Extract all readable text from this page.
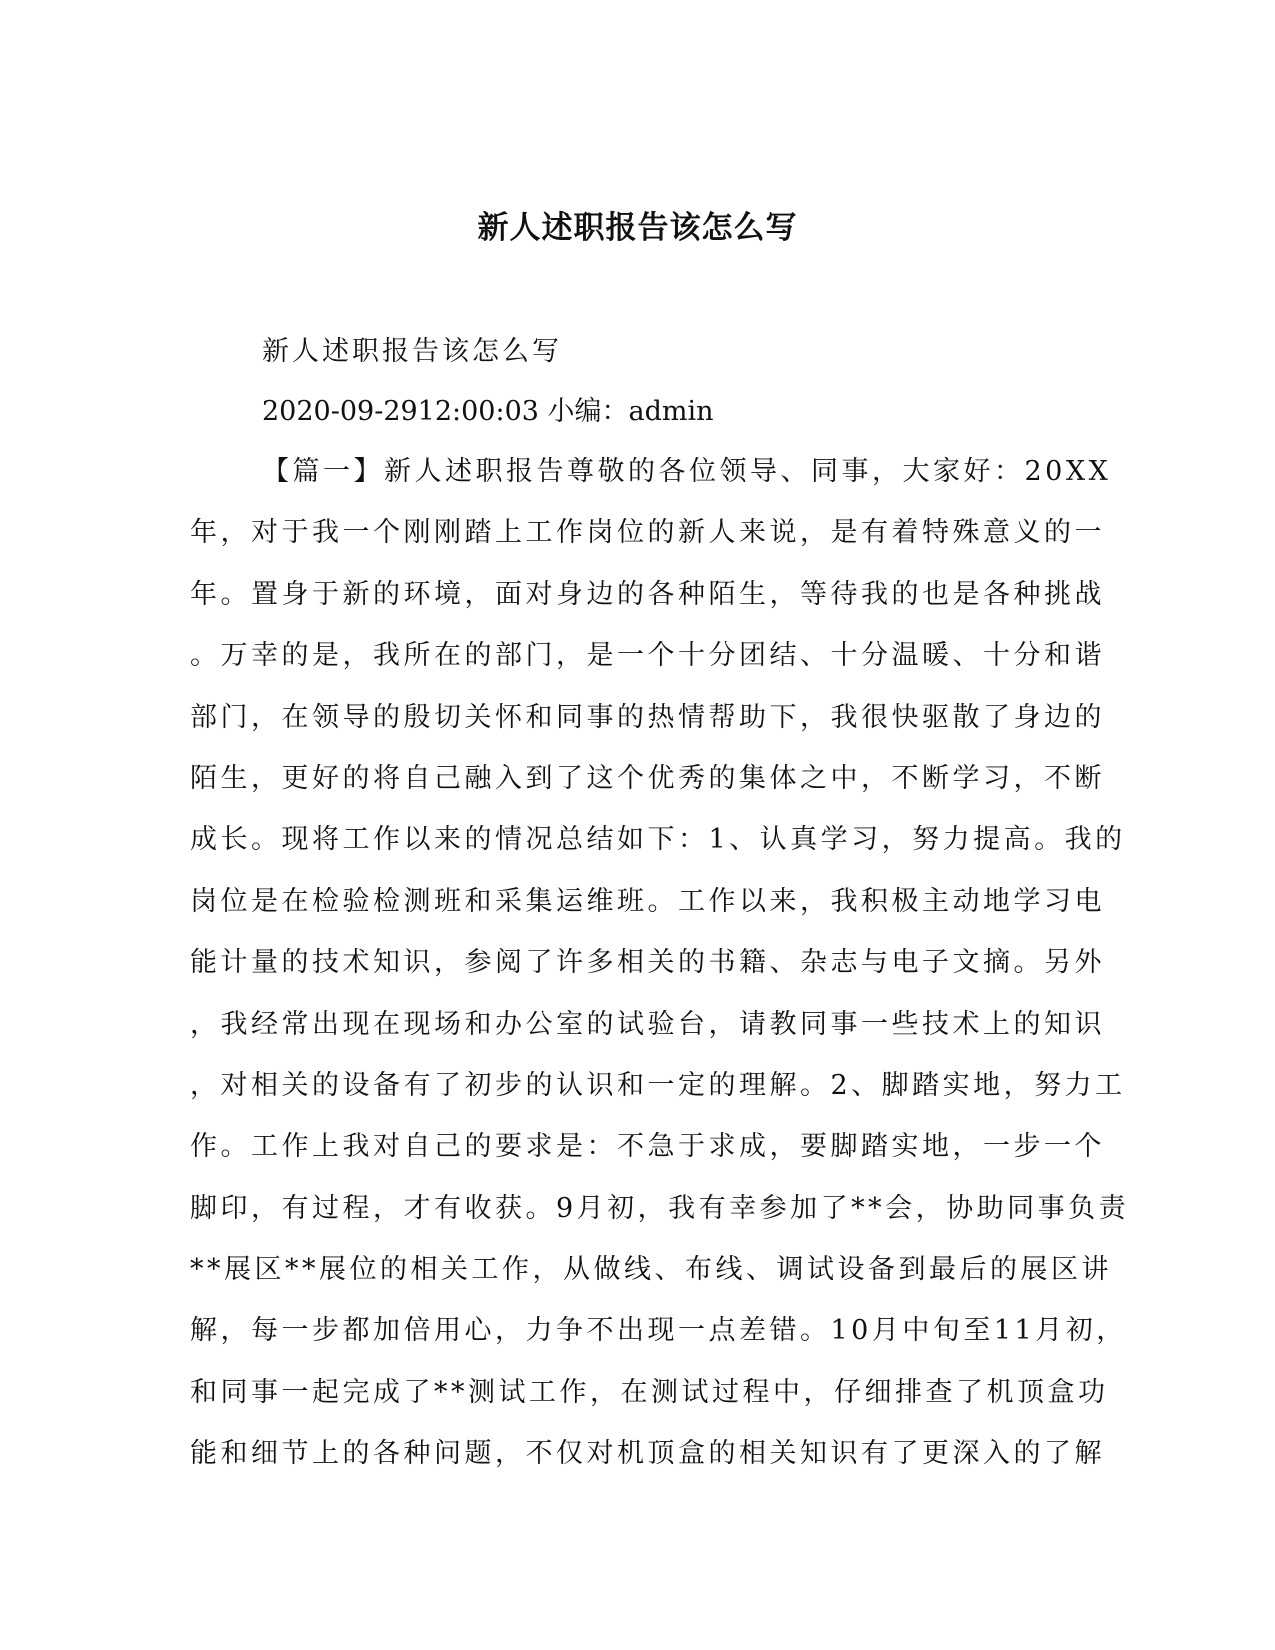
新人述职报告该怎么写

新人述职报告该怎么写

2020-09-2912:00:03 小编：admin

【篇一】新人述职报告尊敬的各位领导、同事，大家好：20XX
年，对于我一个刚刚踏上工作岗位的新人来说，是有着特殊意义的一
年。置身于新的环境，面对身边的各种陌生，等待我的也是各种挑战
。万幸的是，我所在的部门，是一个十分团结、十分温暖、十分和谐
部门，在领导的殷切关怀和同事的热情帮助下，我很快驱散了身边的
陌生，更好的将自己融入到了这个优秀的集体之中，不断学习，不断
成长。现将工作以来的情况总结如下：1、认真学习，努力提高。我的
岗位是在检验检测班和采集运维班。工作以来，我积极主动地学习电
能计量的技术知识，参阅了许多相关的书籍、杂志与电子文摘。另外
，我经常出现在现场和办公室的试验台，请教同事一些技术上的知识
，对相关的设备有了初步的认识和一定的理解。2、脚踏实地，努力工
作。工作上我对自己的要求是：不急于求成，要脚踏实地，一步一个
脚印，有过程，才有收获。9月初，我有幸参加了**会，协助同事负责
**展区**展位的相关工作，从做线、布线、调试设备到最后的展区讲
解，每一步都加倍用心，力争不出现一点差错。10月中旬至11月初，
和同事一起完成了**测试工作，在测试过程中，仔细排查了机顶盒功
能和细节上的各种问题，不仅对机顶盒的相关知识有了更深入的了解
